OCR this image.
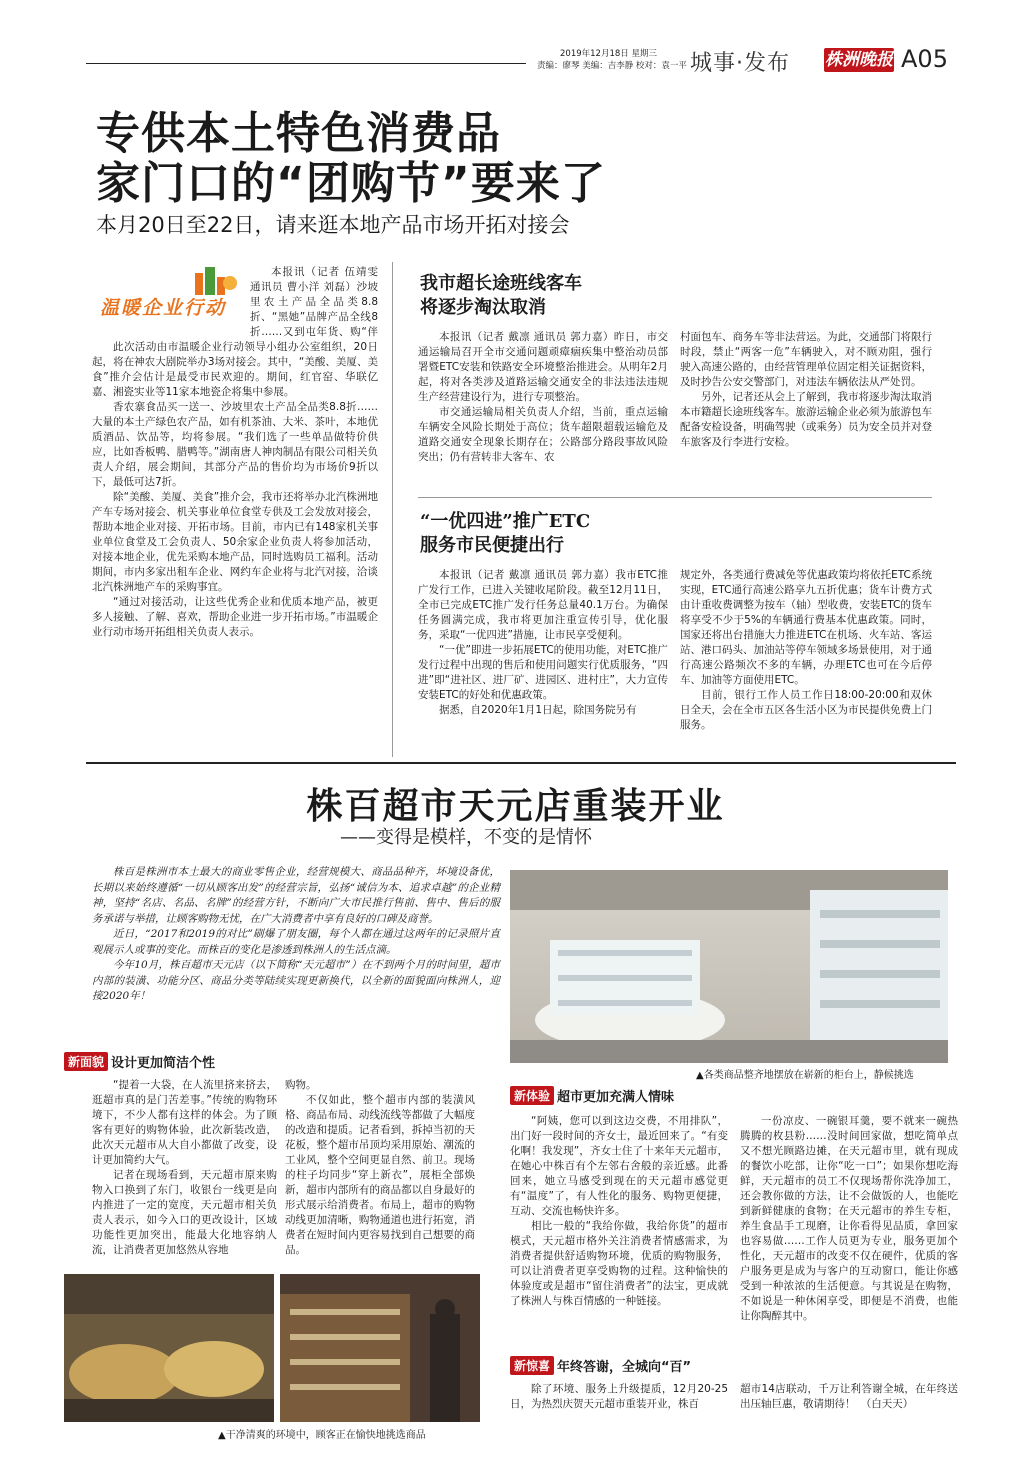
2019年12月18日 星期三
责编：廖琴 美编：吉李静 校对：袁一平 城事·发布 株洲晚报 A05
专供本土特色消费品
家门口的“团购节”要来了
本月20日至22日，请来逛本地产品市场开拓对接会
温暖企业行动

本报讯（记者 伍靖雯 通讯员 曹小洋 刘磊）沙坡里农土产品全品类8.8折、“黑她”品牌产品全线8折……又到屯年货、购“伴

此次活动由市温暖企业行动领导小组办公室组织，20日起，将在神农大剧院举办3场对接会。其中，“美酸、美厦、美食”推介会估计是最受市民欢迎的。期间，红官窑、华联亿嘉、湘瓷实业等11家本地瓷企将集中参展。

香农寨食品买一送一、沙坡里农土产品全品类8.8折……大量的本土产绿色农产品，如有机茶油、大米、茶叶，本地优质酒品、饮品等，均将参展。“我们选了一些单品做特价供应，比如香板鸭、腊鸭等。”湖南唐人神肉制品有限公司相关负责人介绍，展会期间，其部分产品的售价均为市场价9折以下，最低可达7折。

除“美酸、美厦、美食”推介会，我市还将举办北汽株洲地产车专场对接会、机关事业单位食堂专供及工会发放对接会，帮助本地企业对接、开拓市场。目前，市内已有148家机关事业单位食堂及工会负责人、50余家企业负责人将参加活动，对接本地企业，优先采购本地产品，同时选购员工福利。活动期间，市内多家出租车企业、网约车企业将与北汽对接，洽谈北汽株洲地产车的采购事宜。

“通过对接活动，让这些优秀企业和优质本地产品，被更多人接触、了解、喜欢，帮助企业进一步开拓市场。”市温暖企业行动市场开拓组相关负责人表示。

我市超长途班线客车
将逐步淘汰取消

本报讯（记者 戴凛 通讯员 郭力嘉）昨日，市交通运输局召开全市交通问题顽瘴痼疾集中整治动员部署暨ETC安装和铁路安全环境整治推进会。从明年2月起，将对各类涉及道路运输交通安全的非法违法违规生产经营建设行为，进行专项整治。

市交通运输局相关负责人介绍，当前，重点运输车辆安全风险长期处于高位；货车超限超载运输危及道路交通安全现象长期存在；公路部分路段事故风险突出；仍有营转非大客车、农

村面包车、商务车等非法营运。为此，交通部门将限行时段，禁止“两客一危”车辆驶入，对不顾劝阻，强行驶入高速公路的，由经营管理单位固定相关证据资料，及时抄告公安交警部门，对违法车辆依法从严处罚。

另外，记者还从会上了解到，我市将逐步淘汰取消本市籍超长途班线客车。旅游运输企业必须为旅游包车配备安检设备，明确驾驶（或乘务）员为安全员并对登车旅客及行李进行安检。

“一优四进”推广ETC
服务市民便捷出行

本报讯（记者 戴凛 通讯员 郭力嘉）我市ETC推广发行工作，已进入关键收尾阶段。截至12月11日，全市已完成ETC推广发行任务总量40.1万台。为确保任务圆满完成，我市将更加注重宣传引导，优化服务，采取“一优四进”措施，让市民享受便利。

“一优”即进一步拓展ETC的使用功能，对ETC推广发行过程中出现的售后和使用问题实行优质服务，“四进”即“进社区、进厂矿、进园区、进村庄”，大力宣传安装ETC的好处和优惠政策。

据悉，自2020年1月1日起，除国务院另有

规定外，各类通行费减免等优惠政策均将依托ETC系统实现，ETC通行高速公路享九五折优惠；货车计费方式由计重收费调整为按车（轴）型收费，安装ETC的货车将享受不少于5%的车辆通行费基本优惠政策。同时，国家还将出台措施大力推进ETC在机场、火车站、客运站、港口码头、加油站等停车领域多场景使用，对于通行高速公路频次不多的车辆，办理ETC也可在今后停车、加油等方面使用ETC。

目前，银行工作人员工作日18:00-20:00和双休日全天，会在全市五区各生活小区为市民提供免费上门服务。

株百超市天元店重装开业
——变得是模样，不变的是情怀

株百是株洲市本土最大的商业零售企业，经营规模大、商品品种齐，坏境设备优，长期以来始终遵循“一切从顾客出发”的经营宗旨，弘扬“诚信为本、追求卓越”的企业精神，坚持“名店、名品、名牌”的经营方针，不断向广大市民推行售前、售中、售后的服务承诺与举措，让顾客购物无忧，在广大消费者中享有良好的口碑及商誉。

近日，“2017和2019的对比”刷爆了朋友圈，每个人都在通过这两年的记录照片直观展示人或事的变化。而株百的变化是渗透到株洲人的生活点滴。

今年10月，株百超市天元店（以下简称“天元超市”）在不到两个月的时间里，超市内部的装潢、功能分区、商品分类等陆续实现更新换代，以全新的面貌面向株洲人，迎接2020年！

▲各类商品整齐地摆放在崭新的柜台上，静候挑选
新面貌 设计更加简洁个性

“提着一大袋，在人流里挤来挤去，逛超市真的是门苦差事。”传统的购物环境下，不少人都有这样的体会。为了顾客有更好的购物体验，此次新装改造，此次天元超市从大自小都做了改变，设计更加简约大气。

记者在现场看到，天元超市原来购物入口换到了东门，收银台一线更是向内推进了一定的宽度，天元超市相关负责人表示，如今入口的更改设计，区域功能性更加突出，能最大化地容纳人流，让消费者更加悠然从容地

购物。

不仅如此，整个超市内部的装潢风格、商品布局、动线流线等都做了大幅度的改造和提质。记者看到，拆掉当初的天花板，整个超市吊顶均采用原始、潮流的工业风，整个空间更显自然、前卫。现场的柱子均同步“穿上新衣”，展柜全部焕新，超市内部所有的商品都以自身最好的形式展示给消费者。布局上，超市的购物动线更加清晰，购物通道也进行拓宽，消费者在短时间内更容易找到自己想要的商品。

▲干净清爽的环境中，顾客正在愉快地挑选商品
新体验 超市更加充满人情味

“阿姨，您可以到这边交费，不用排队”，出门好一段时间的齐女士，最近回来了。“有变化啊！我发现”，齐女士住了十来年天元超市，在她心中株百有个左邻右舍般的亲近感。此番回来，她立马感受到现在的天元超市感觉更有“温度”了，有人性化的服务、购物更便捷，互动、交流也畅快许多。

相比一般的“我给你做，我给你货”的超市模式，天元超市格外关注消费者情感需求，为消费者提供舒适购物环境，优质的购物服务，可以让消费者更享受购物的过程。这种愉快的体验度或是超市“留住消费者”的法宝，更成就了株洲人与株百情感的一种链接。

一份凉皮、一碗银耳羹，要不就来一碗热腾腾的枚县粉……没时间回家做，想吃简单点又不想光顾路边摊，在天元超市里，就有现成的餐饮小吃部，让你“吃一口”；如果你想吃海鲜，天元超市的员工不仅现场帮你洗净加工，还会教你做的方法，让不会做饭的人，也能吃到新鲜健康的食物；在天元超市的养生专柜，养生食品手工现磨，让你看得见品质，拿回家也容易做……工作人员更为专业，服务更加个性化，天元超市的改变不仅在硬件，优质的客户服务更是成为与客户的互动窗口，能让你感受到一种浓浓的生活便意。与其说是在购物，不如说是一种休闲享受，即便是不消费，也能让你陶醉其中。

新惊喜 年终答谢，全城向“百”

除了环境、服务上升级提质，12月20-25日，为热烈庆贺天元超市重装开业，株百

超市14店联动，千万让利答谢全城，在年终送出压轴巨惠，敬请期待！　（白天天）
